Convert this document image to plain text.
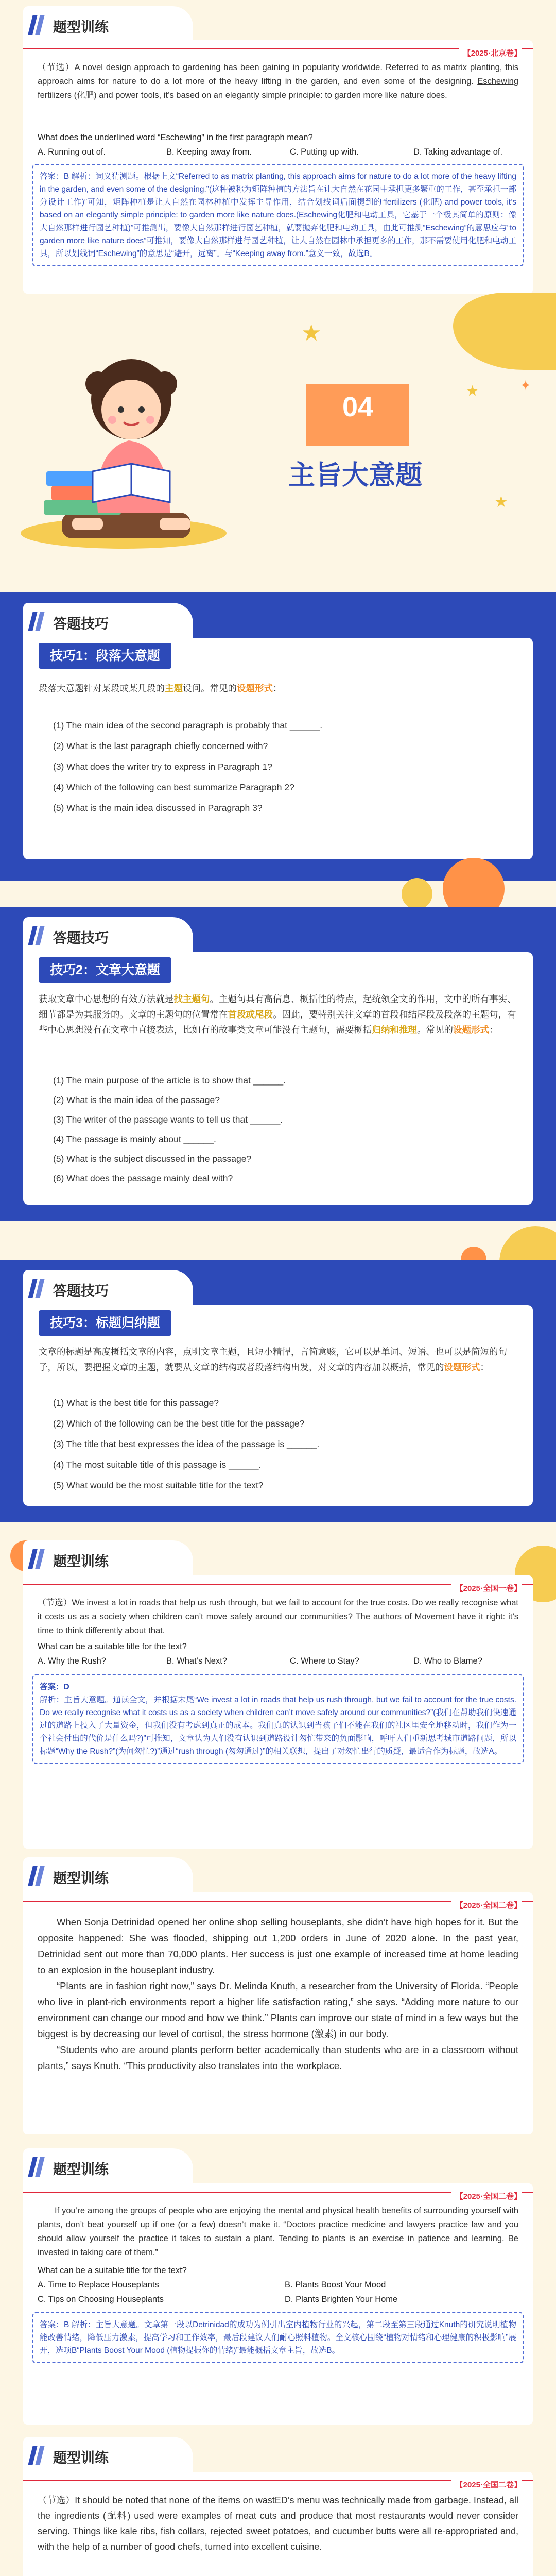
题型训练
【2025·北京卷】
（节选）A novel design approach to gardening has been gaining in popularity worldwide. Referred to as matrix planting, this approach aims for nature to do a lot more of the heavy lifting in the garden, and even some of the designing. Eschewing fertilizers (化肥) and power tools, it’s based on an elegantly simple principle: to garden more like nature does.
What does the underlined word “Eschewing” in the first paragraph mean?
A. Running out of.	B. Keeping away from.	C. Putting up with.	D. Taking advantage of.
答案：B 解析：词义猜测题。根据上文“Referred to as matrix planting, this approach aims for nature to do a lot more of the heavy lifting in the garden, and even some of the designing.”(这种被称为矩阵种植的方法旨在让大自然在花园中承担更多繁重的工作，甚至承担一部分设计工作)”可知，矩阵种植是让大自然在园林种植中发挥主导作用，结合划线词后面提到的“fertilizers (化肥) and power tools, it’s based on an elegantly simple principle: to garden more like nature does.(Eschewing化肥和电动工具，它基于一个极其简单的原则：像大自然那样进行园艺种植)”可推测出，要像大自然那样进行园艺种植，就要抛弃化肥和电动工具，由此可推测“Eschewing”的意思应与“to garden more like nature does”可推知，要像大自然那样进行园艺种植，让大自然在园林中承担更多的工作，那不需要使用化肥和电动工具，所以划线词“Eschewing”的意思是“避开，远离”。与“Keeping away from.”意义一致，故选B。
★
★	✦
★
04
主旨大意题
答题技巧
技巧1：段落大意题
段落大意题针对某段或某几段的主题设问。常见的设题形式：
(1) The main idea of the second paragraph is probably that ______.
(2) What is the last paragraph chiefly concerned with?
(3) What does the writer try to express in Paragraph 1?
(4) Which of the following can best summarize Paragraph 2?
(5) What is the main idea discussed in Paragraph 3?
答题技巧
技巧2：文章大意题
获取文章中心思想的有效方法就是找主题句。主题句具有高信息、概括性的特点，起统领全文的作用，文中的所有事实、细节都是为其服务的。文章的主题句的位置常在首段或尾段。因此，要特别关注文章的首段和结尾段及段落的主题句，有些中心思想没有在文章中直接表达，比如有的故事类文章可能没有主题句，需要概括归纳和推理。常见的设题形式：
(1) The main purpose of the article is to show that ______.
(2) What is the main idea of the passage?
(3) The writer of the passage wants to tell us that ______.
(4) The passage is mainly about ______.
(5) What is the subject discussed in the passage?
(6) What does the passage mainly deal with?
答题技巧
技巧3：标题归纳题
文章的标题是高度概括文章的内容，点明文章主题，且短小精悍，言简意赅，它可以是单词、短语、也可以是简短的句子，所以，要把握文章的主题，就要从文章的结构或者段落结构出发，对文章的内容加以概括，常见的设题形式：
(1) What is the best title for this passage?
(2) Which of the following can be the best title for the passage?
(3) The title that best expresses the idea of the passage is ______.
(4) The most suitable title of this passage is ______.
(5) What would be the most suitable title for the text?
题型训练
【2025·全国一卷】
（节选）We invest a lot in roads that help us rush through, but we fail to account for the true costs. Do we really recognise what it costs us as a society when children can’t move safely around our communities? The authors of Movement have it right: it’s time to think differently about that.
What can be a suitable title for the text?
A. Why the Rush?	B. What’s Next?	C. Where to Stay?	D. Who to Blame?
答案：D
解析：主旨大意题。通读全文，并根据末尾“We invest a lot in roads that help us rush through, but we fail to account for the true costs. Do we really recognise what it costs us as a society when children can’t move safely around our communities?”(我们在帮助我们快速通过的道路上投入了大量资金，但我们没有考虑到真正的成本。我们真的认识到当孩子们不能在我们的社区里安全地移动时，我们作为一个社会付出的代价是什么吗?)”可推知，文章认为人们没有认识到道路设计匆忙带来的负面影响，呼吁人们重新思考城市道路问题，所以标题“Why the Rush?”(为何匆忙?)”通过“rush through (匆匆通过)”的相关联想，提出了对匆忙出行的质疑，最适合作为标题，故选A。
题型训练
【2025·全国二卷】

When Sonja Detrinidad opened her online shop selling houseplants, she didn’t have high hopes for it. But the opposite happened: She was flooded, shipping out 1,200 orders in June of 2020 alone. In the past year, Detrinidad sent out more than 70,000 plants. Her success is just one example of increased time at home leading to an explosion in the houseplant industry.

“Plants are in fashion right now,” says Dr. Melinda Knuth, a researcher from the University of Florida. “People who live in plant-rich environments report a higher life satisfaction rating,” she says. “Adding more nature to our environment can change our mood and how we think.” Plants can improve our state of mind in a few ways but the biggest is by decreasing our level of cortisol, the stress hormone (激素) in our body.

“Students who are around plants perform better academically than students who are in a classroom without plants,” says Knuth. “This productivity also translates into the workplace.

题型训练
【2025·全国二卷】
If you’re among the groups of people who are enjoying the mental and physical health benefits of surrounding yourself with plants, don’t beat yourself up if one (or a few) doesn’t make it. “Doctors practice medicine and lawyers practice law and you should allow yourself the practice it takes to sustain a plant. Tending to plants is an exercise in patience and learning. Be invested in taking care of them.”
What can be a suitable title for the text?
A. Time to Replace Houseplants	B. Plants Boost Your Mood
C. Tips on Choosing Houseplants	D. Plants Brighten Your Home
答案：B 解析：主旨大意题。文章第一段以Detrinidad的成功为例引出室内植物行业的兴起，第二段至第三段通过Knuth的研究说明植物能改善情绪，降低压力激素，提高学习和工作效率，最后段建议人们耐心照料植物。全文核心围绕“植物对情绪和心理健康的积极影响”展开，选项B“Plants Boost Your Mood (植物提振你的情绪)”最能概括文章主旨，故选B。
题型训练
【2025·全国二卷】
（节选）It should be noted that none of the items on wastED’s menu was technically made from garbage. Instead, all the ingredients (配料) used were examples of meat cuts and produce that most restaurants would never consider serving. Things like kale ribs, fish collars, rejected sweet potatoes, and cucumber butts were all re-appropriated and, with the help of a number of good chefs, turned into excellent cuisine.
